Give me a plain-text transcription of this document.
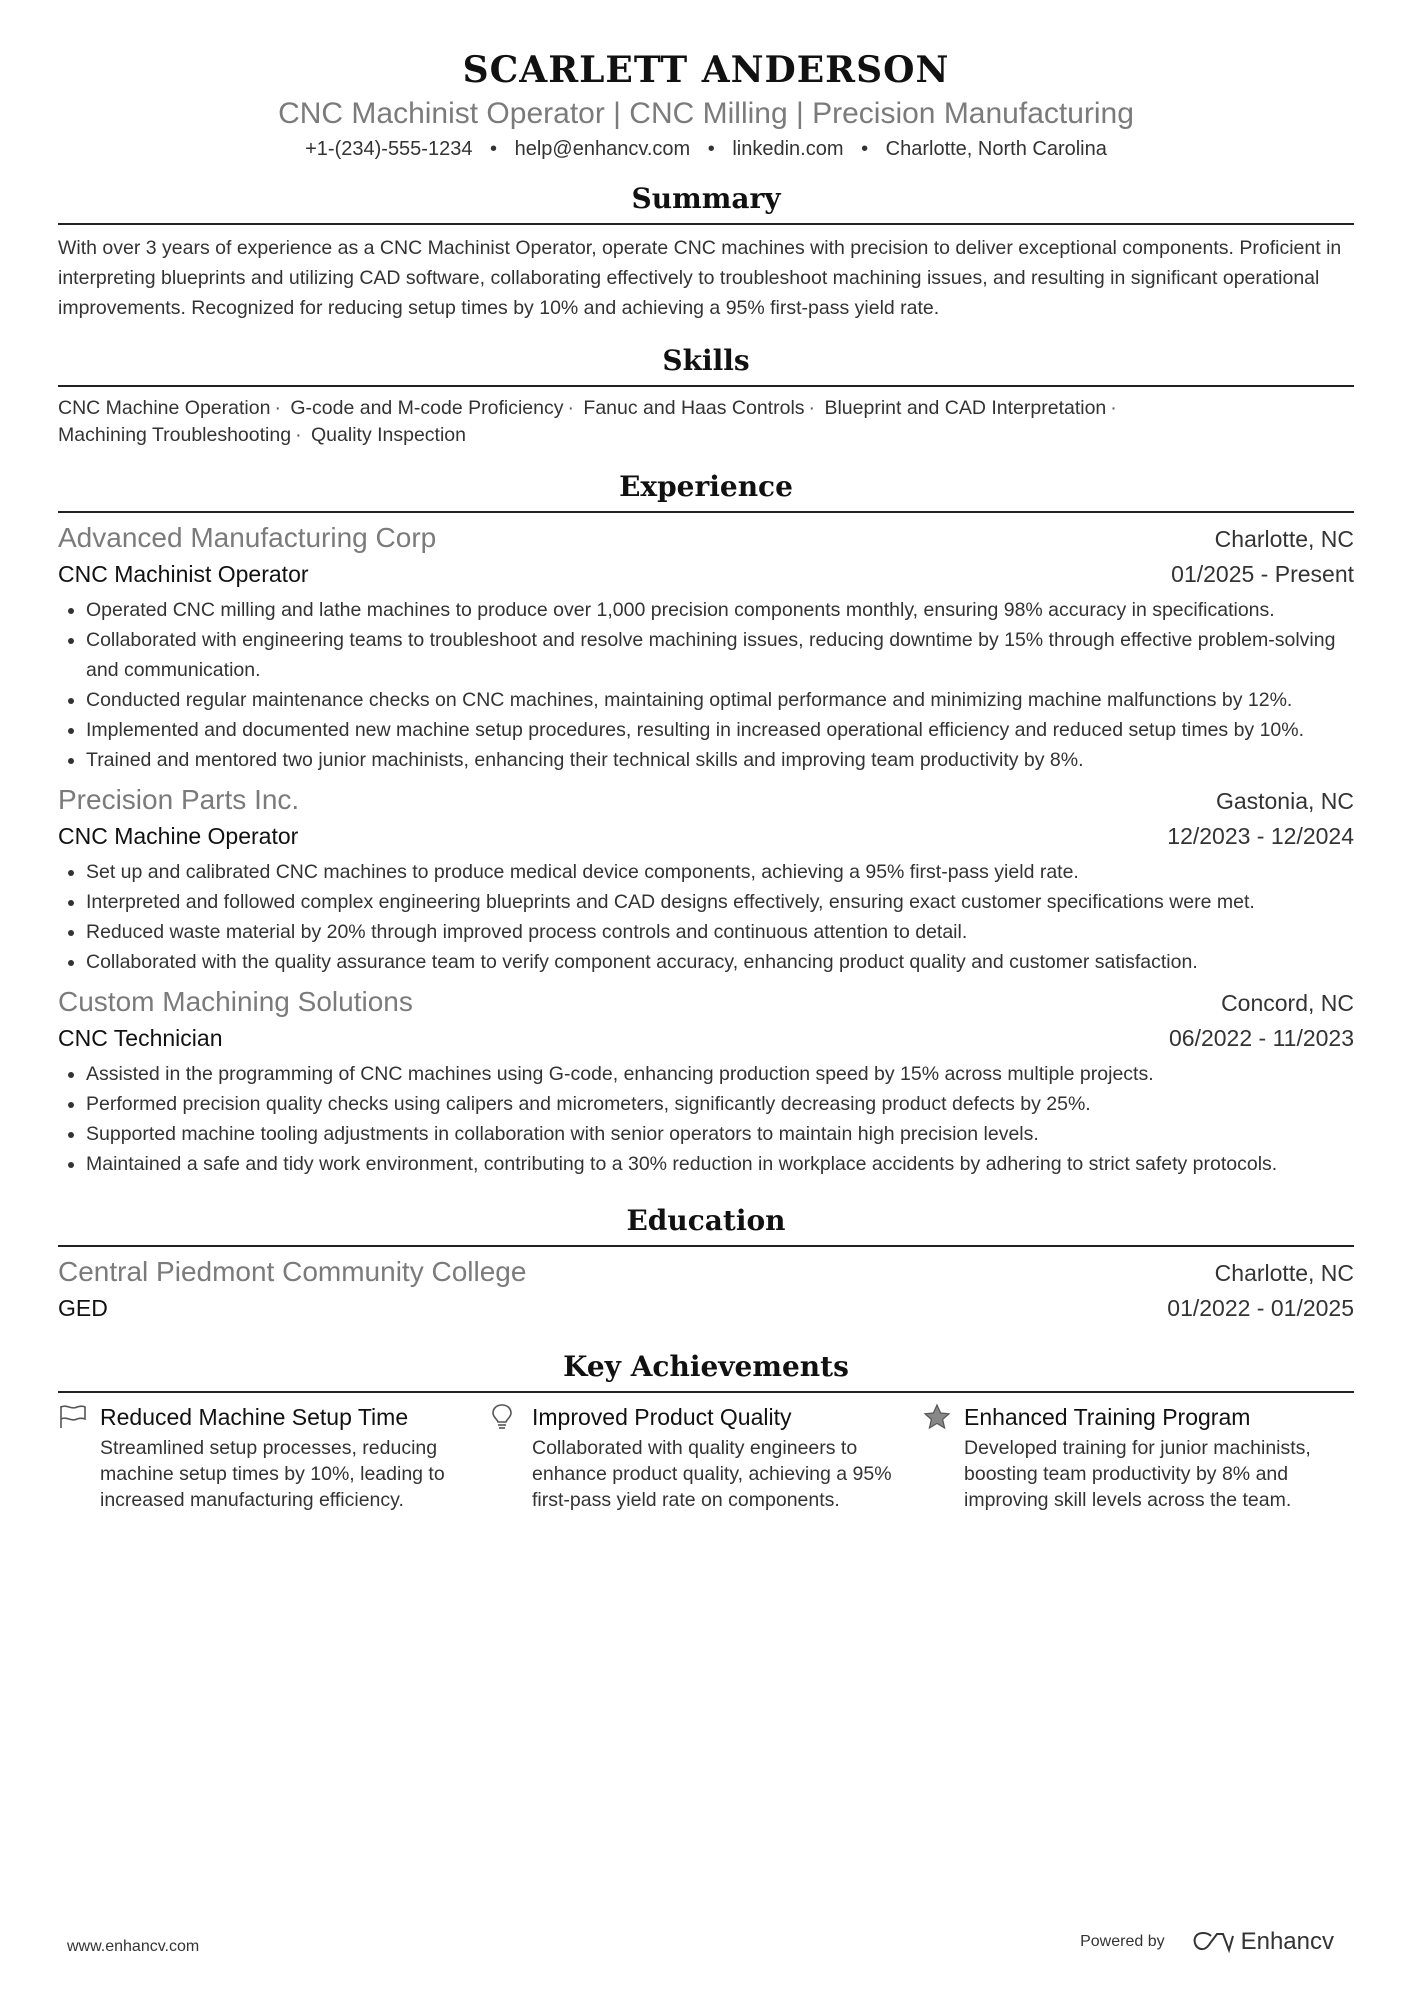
SCARLETT ANDERSON
CNC Machinist Operator | CNC Milling | Precision Manufacturing
+1-(234)-555-1234 • help@enhancv.com • linkedin.com • Charlotte, North Carolina
Summary
With over 3 years of experience as a CNC Machinist Operator, operate CNC machines with precision to deliver exceptional components. Proficient in interpreting blueprints and utilizing CAD software, collaborating effectively to troubleshoot machining issues, and resulting in significant operational improvements. Recognized for reducing setup times by 10% and achieving a 95% first-pass yield rate.
Skills
CNC Machine Operation · G-code and M-code Proficiency · Fanuc and Haas Controls · Blueprint and CAD Interpretation ·
Machining Troubleshooting · Quality Inspection
Experience
Advanced Manufacturing Corp	Charlotte, NC
CNC Machinist Operator	01/2025 - Present
• Operated CNC milling and lathe machines to produce over 1,000 precision components monthly, ensuring 98% accuracy in specifications.
• Collaborated with engineering teams to troubleshoot and resolve machining issues, reducing downtime by 15% through effective problem-solving and communication.
• Conducted regular maintenance checks on CNC machines, maintaining optimal performance and minimizing machine malfunctions by 12%.
• Implemented and documented new machine setup procedures, resulting in increased operational efficiency and reduced setup times by 10%.
• Trained and mentored two junior machinists, enhancing their technical skills and improving team productivity by 8%.
Precision Parts Inc.	Gastonia, NC
CNC Machine Operator	12/2023 - 12/2024
• Set up and calibrated CNC machines to produce medical device components, achieving a 95% first-pass yield rate.
• Interpreted and followed complex engineering blueprints and CAD designs effectively, ensuring exact customer specifications were met.
• Reduced waste material by 20% through improved process controls and continuous attention to detail.
• Collaborated with the quality assurance team to verify component accuracy, enhancing product quality and customer satisfaction.
Custom Machining Solutions	Concord, NC
CNC Technician	06/2022 - 11/2023
• Assisted in the programming of CNC machines using G-code, enhancing production speed by 15% across multiple projects.
• Performed precision quality checks using calipers and micrometers, significantly decreasing product defects by 25%.
• Supported machine tooling adjustments in collaboration with senior operators to maintain high precision levels.
• Maintained a safe and tidy work environment, contributing to a 30% reduction in workplace accidents by adhering to strict safety protocols.
Education
Central Piedmont Community College	Charlotte, NC
GED	01/2022 - 01/2025
Key Achievements
Reduced Machine Setup Time
Streamlined setup processes, reducing machine setup times by 10%, leading to increased manufacturing efficiency.
Improved Product Quality
Collaborated with quality engineers to enhance product quality, achieving a 95% first-pass yield rate on components.
Enhanced Training Program
Developed training for junior machinists, boosting team productivity by 8% and improving skill levels across the team.
www.enhancv.com	Powered by	Enhancv
